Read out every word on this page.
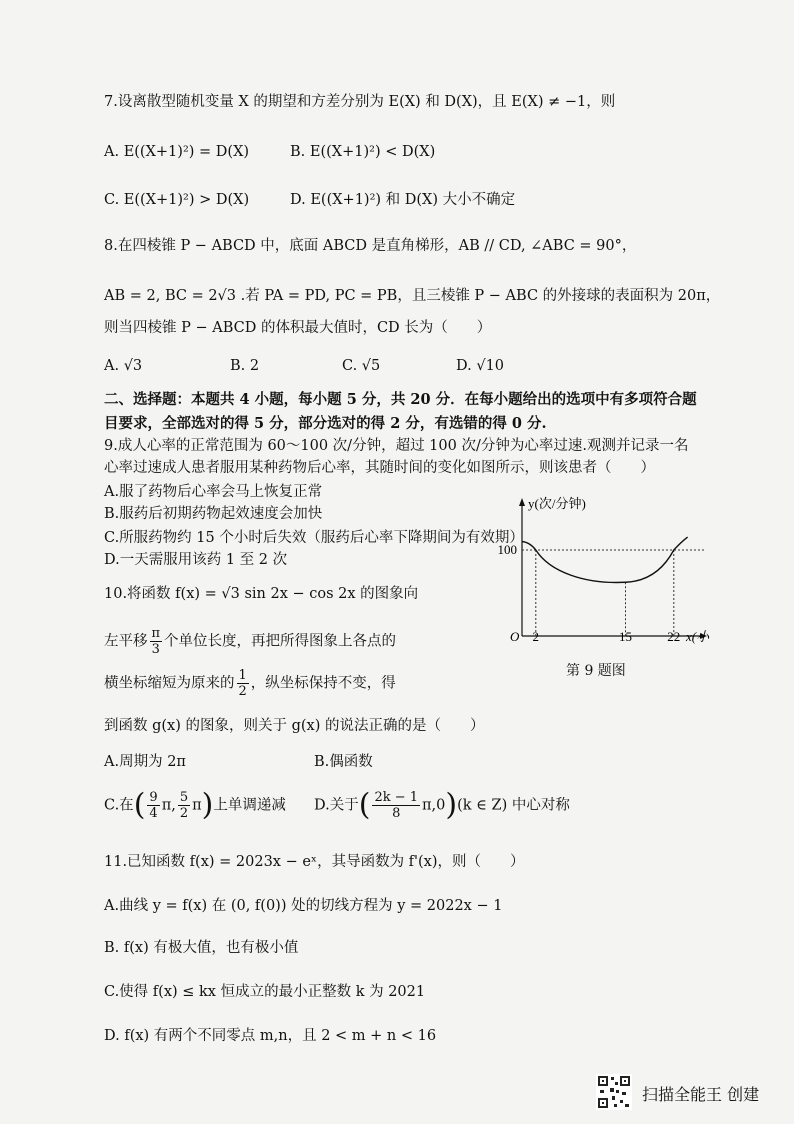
7.设离散型随机变量 X 的期望和方差分别为 E(X) 和 D(X)，且 E(X) ≠ −1，则
A. E((X+1)²) = D(X)	B. E((X+1)²) < D(X)
C. E((X+1)²) > D(X)	D. E((X+1)²) 和 D(X) 大小不确定
8.在四棱锥 P − ABCD 中，底面 ABCD 是直角梯形，AB // CD, ∠ABC = 90°，
AB = 2, BC = 2√3 .若 PA = PD, PC = PB，且三棱锥 P − ABC 的外接球的表面积为 20π，
则当四棱锥 P − ABCD 的体积最大值时，CD 长为（　　）
A. √3	B. 2	C. √5	D. √10
二、选择题：本题共 4 小题，每小题 5 分，共 20 分．在每小题给出的选项中有多项符合题
目要求，全部选对的得 5 分，部分选对的得 2 分，有选错的得 0 分.
9.成人心率的正常范围为 60～100 次/分钟，超过 100 次/分钟为心率过速.观测并记录一名
心率过速成人患者服用某种药物后心率，其随时间的变化如图所示，则该患者（　　）
A.服了药物后心率会马上恢复正常
B.服药后初期药物起效速度会加快
C.所服药物约 15 个小时后失效（服药后心率下降期间为有效期）
D.一天需服用该药 1 至 2 次
y(次/分钟)
x(小
O 2	15	22
100
第 9 题图
10.将函数 f(x) = √3 sin 2x − cos 2x 的图象向
左平移 $\frac{\pi}{3}$ 个单位长度，再把所得图象上各点的
横坐标缩短为原来的 $\frac{1}{2}$ ，纵坐标保持不变，得
到函数 g(x) 的图象，则关于 g(x) 的说法正确的是（　　）
A.周期为 2π	B.偶函数
C.在( $\frac{9}{4} \pi$, $\frac{5}{2} \pi$)上单调递减 D.关于( $\frac{2k - 1}{8} \pi,0)(k$ ∈ Z) 中心对称
11.已知函数 f(x) = 2023x − eˣ，其导函数为 f'(x)，则（　　）
A.曲线 y = f(x) 在 (0, f(0)) 处的切线方程为 y = 2022x − 1
B. f(x) 有极大值，也有极小值
C.使得 f(x) ≤ kx 恒成立的最小正整数 k 为 2021
D. f(x) 有两个不同零点 m,n，且 2 < m + n < 16
扫描全能王 创建
